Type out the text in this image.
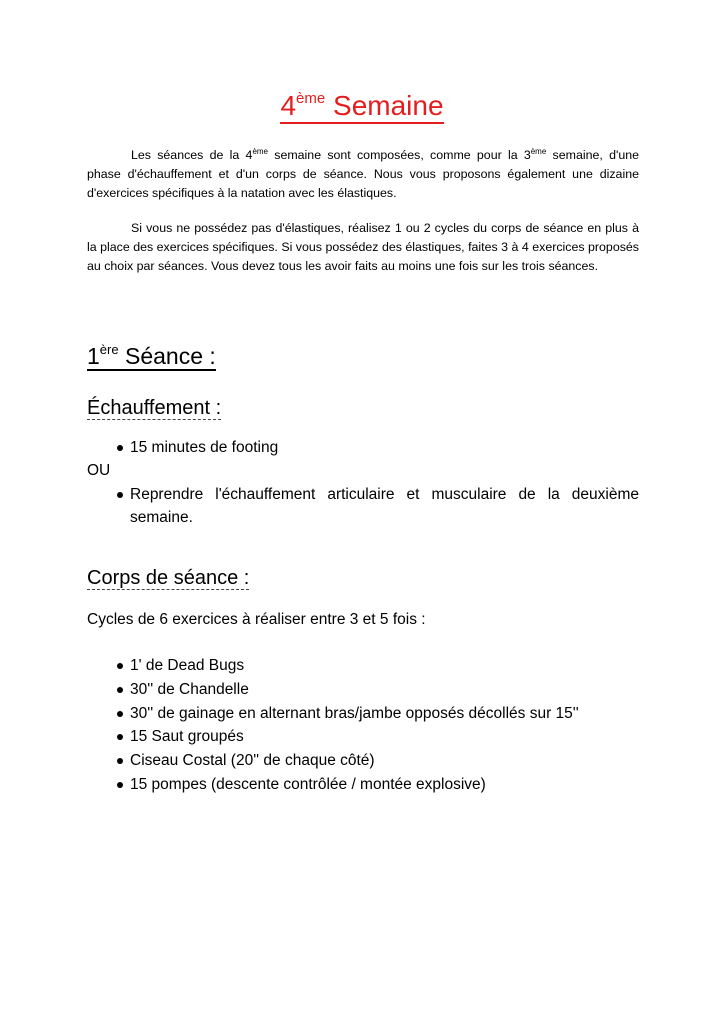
4ème Semaine
Les séances de la 4ème semaine sont composées, comme pour la 3ème semaine, d'une phase d'échauffement et d'un corps de séance. Nous vous proposons également une dizaine d'exercices spécifiques à la natation avec les élastiques.
Si vous ne possédez pas d'élastiques, réalisez 1 ou 2 cycles du corps de séance en plus à la place des exercices spécifiques. Si vous possédez des élastiques, faites 3 à 4 exercices proposés au choix par séances. Vous devez tous les avoir faits au moins une fois sur les trois séances.
1ère Séance :
Échauffement :
15 minutes de footing
OU
Reprendre l'échauffement articulaire et musculaire de la deuxième semaine.
Corps de séance :
Cycles de 6 exercices à réaliser entre 3 et 5 fois :
1' de Dead Bugs
30'' de Chandelle
30'' de gainage en alternant bras/jambe opposés décollés sur 15''
15 Saut groupés
Ciseau Costal (20'' de chaque côté)
15 pompes (descente contrôlée / montée explosive)
